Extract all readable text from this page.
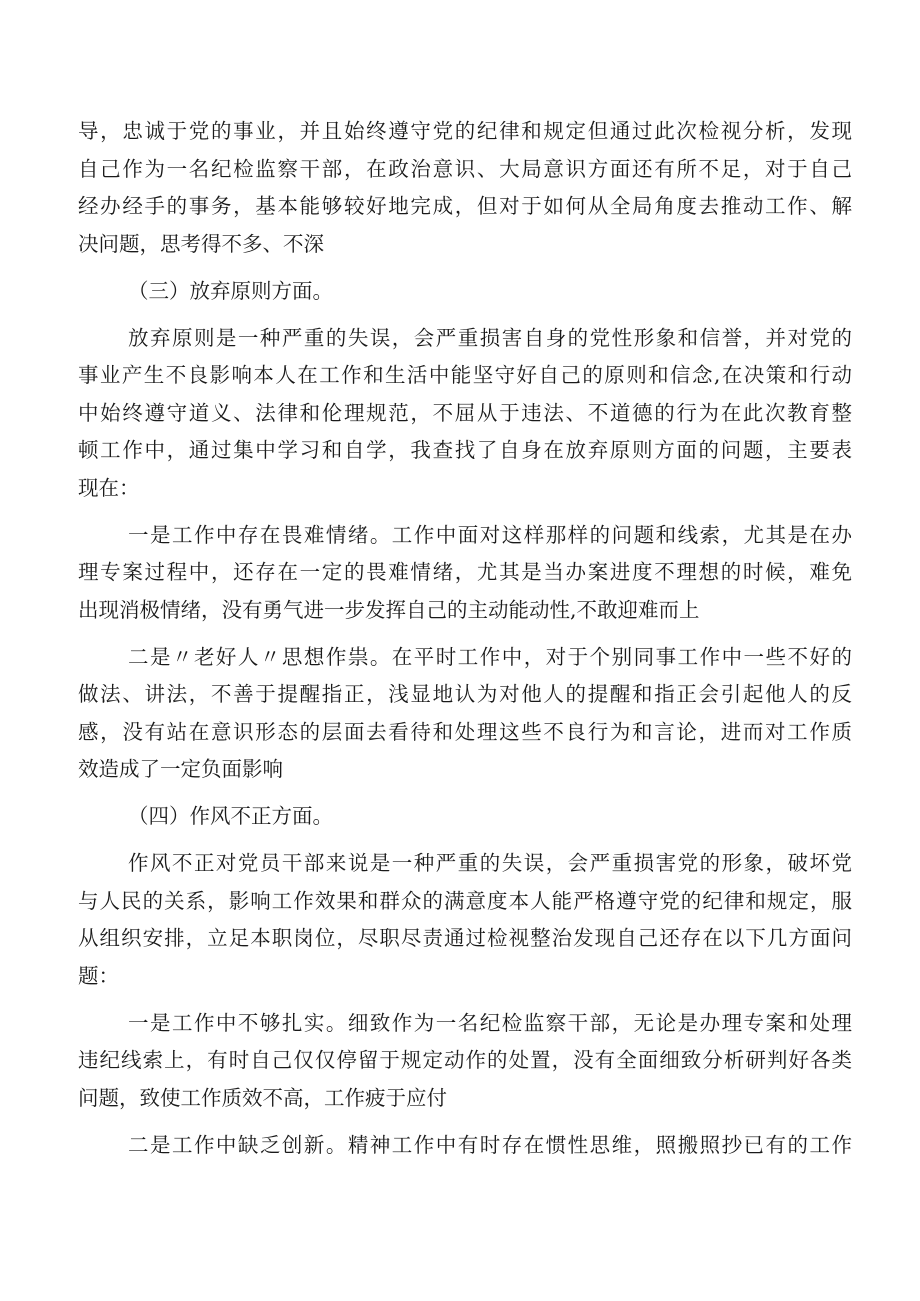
导，忠诚于党的事业，并且始终遵守党的纪律和规定但通过此次检视分析，发现
自己作为一名纪检监察干部，在政治意识、大局意识方面还有所不足，对于自己
经办经手的事务，基本能够较好地完成，但对于如何从全局角度去推动工作、解
决问题，思考得不多、不深
（三）放弃原则方面。
放弃原则是一种严重的失误，会严重损害自身的党性形象和信誉，并对党的
事业产生不良影响本人在工作和生活中能坚守好自己的原则和信念,在决策和行动
中始终遵守道义、法律和伦理规范，不屈从于违法、不道德的行为在此次教育整
顿工作中，通过集中学习和自学，我查找了自身在放弃原则方面的问题，主要表
现在：
一是工作中存在畏难情绪。工作中面对这样那样的问题和线索，尤其是在办
理专案过程中，还存在一定的畏难情绪，尤其是当办案进度不理想的时候，难免
出现消极情绪，没有勇气进一步发挥自己的主动能动性,不敢迎难而上
二是〃老好人〃思想作祟。在平时工作中，对于个别同事工作中一些不好的
做法、讲法，不善于提醒指正，浅显地认为对他人的提醒和指正会引起他人的反
感，没有站在意识形态的层面去看待和处理这些不良行为和言论，进而对工作质
效造成了一定负面影响
（四）作风不正方面。
作风不正对党员干部来说是一种严重的失误，会严重损害党的形象，破坏党
与人民的关系，影响工作效果和群众的满意度本人能严格遵守党的纪律和规定，服
从组织安排，立足本职岗位，尽职尽责通过检视整治发现自己还存在以下几方面问
题：
一是工作中不够扎实。细致作为一名纪检监察干部，无论是办理专案和处理
违纪线索上，有时自己仅仅停留于规定动作的处置，没有全面细致分析研判好各类
问题，致使工作质效不高，工作疲于应付
二是工作中缺乏创新。精神工作中有时存在惯性思维，照搬照抄已有的工作
